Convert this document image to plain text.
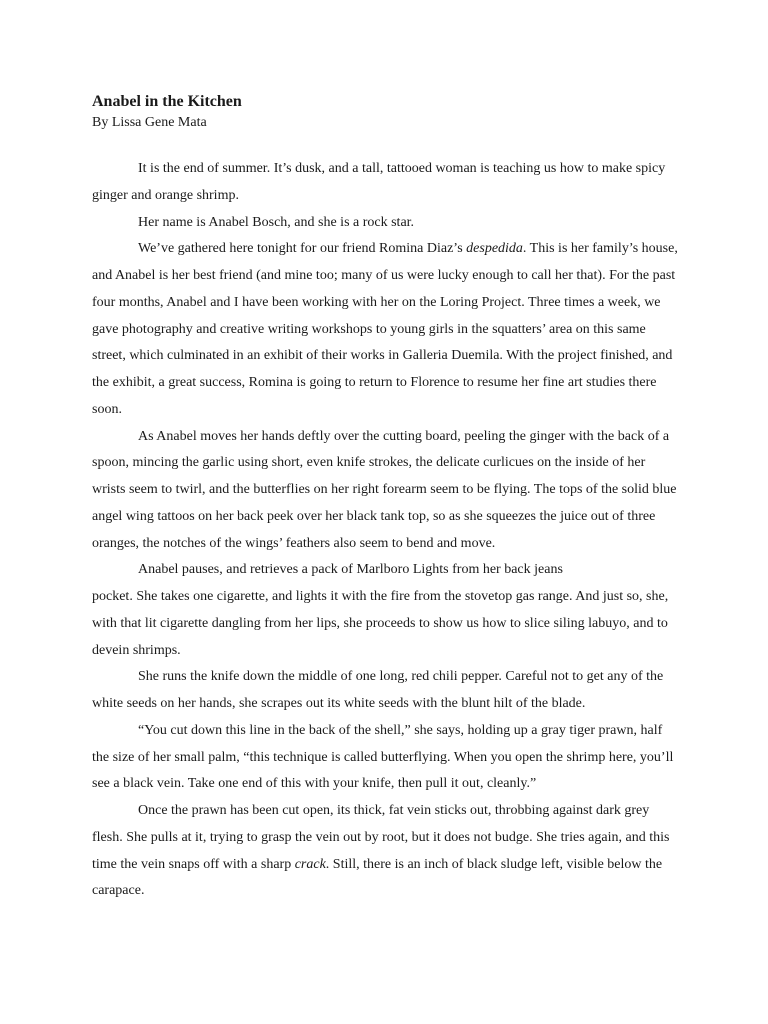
Anabel in the Kitchen
By Lissa Gene Mata

It is the end of summer. It’s dusk, and a tall, tattooed woman is teaching us how to make spicy ginger and orange shrimp.

Her name is Anabel Bosch, and she is a rock star.

We’ve gathered here tonight for our friend Romina Diaz’s despedida. This is her family’s house, and Anabel is her best friend (and mine too; many of us were lucky enough to call her that). For the past four months, Anabel and I have been working with her on the Loring Project. Three times a week, we gave photography and creative writing workshops to young girls in the squatters’ area on this same street, which culminated in an exhibit of their works in Galleria Duemila. With the project finished, and the exhibit, a great success, Romina is going to return to Florence to resume her fine art studies there soon.

As Anabel moves her hands deftly over the cutting board, peeling the ginger with the back of a spoon, mincing the garlic using short, even knife strokes, the delicate curlicues on the inside of her wrists seem to twirl, and the butterflies on her right forearm seem to be flying. The tops of the solid blue angel wing tattoos on her back peek over her black tank top, so as she squeezes the juice out of three oranges, the notches of the wings’ feathers also seem to bend and move.

Anabel pauses, and retrieves a pack of Marlboro Lights from her back jeans
pocket. She takes one cigarette, and lights it with the fire from the stovetop gas range. And just so, she, with that lit cigarette dangling from her lips, she proceeds to show us how to slice siling labuyo, and to devein shrimps.

She runs the knife down the middle of one long, red chili pepper. Careful not to get any of the white seeds on her hands, she scrapes out its white seeds with the blunt hilt of the blade.

“You cut down this line in the back of the shell,” she says, holding up a gray tiger prawn, half the size of her small palm, “this technique is called butterflying. When you open the shrimp here, you’ll see a black vein. Take one end of this with your knife, then pull it out, cleanly.”

Once the prawn has been cut open, its thick, fat vein sticks out, throbbing against dark grey flesh. She pulls at it, trying to grasp the vein out by root, but it does not budge. She tries again, and this time the vein snaps off with a sharp crack. Still, there is an inch of black sludge left, visible below the carapace.
